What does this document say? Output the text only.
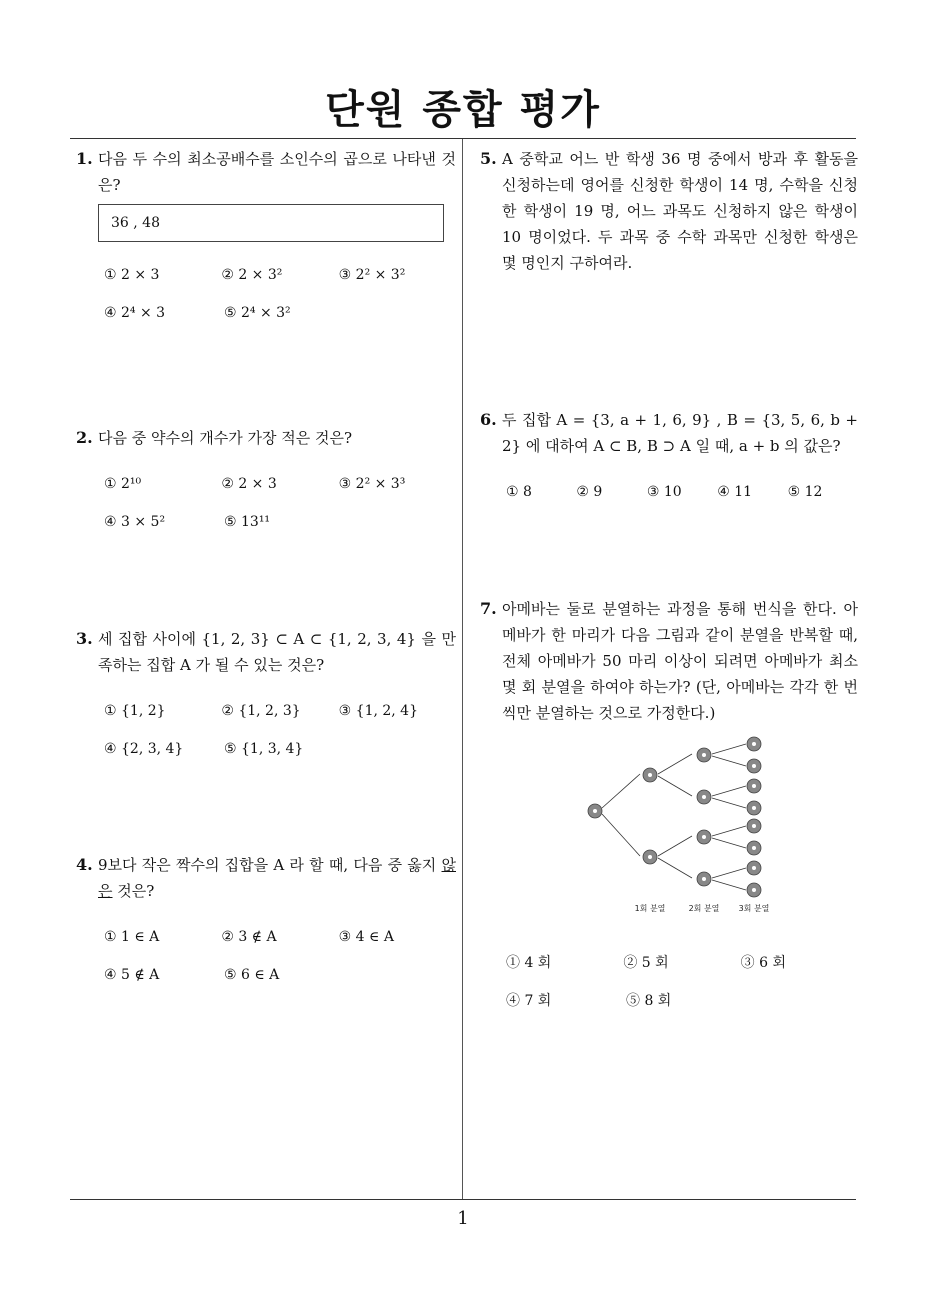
단원 종합 평가
1
1. 다음 두 수의 최소공배수를 소인수의 곱으로 나타낸 것은?
36 , 48
① 2 × 3	② 2 × 3²	③ 2² × 3²
④ 2⁴ × 3	⑤ 2⁴ × 3²
2. 다음 중 약수의 개수가 가장 적은 것은?
① 2¹⁰	② 2 × 3	③ 2² × 3³
④ 3 × 5²	⑤ 13¹¹
3. 세 집합 사이에 {1, 2, 3} ⊂ A ⊂ {1, 2, 3, 4} 을 만족하는 집합 A 가 될 수 있는 것은?
① {1, 2}	② {1, 2, 3}	③ {1, 2, 4}
④ {2, 3, 4}	⑤ {1, 3, 4}
4. 9보다 작은 짝수의 집합을 A 라 할 때, 다음 중 옳지 않은 것은?
① 1 ∈ A	② 3 ∉ A	③ 4 ∈ A
④ 5 ∉ A	⑤ 6 ∈ A
5. A 중학교 어느 반 학생 36 명 중에서 방과 후 활동을 신청하는데 영어를 신청한 학생이 14 명, 수학을 신청한 학생이 19 명, 어느 과목도 신청하지 않은 학생이 10 명이었다. 두 과목 중 수학 과목만 신청한 학생은 몇 명인지 구하여라.
6. 두 집합 A = {3, a + 1, 6, 9} , B = {3, 5, 6, b + 2} 에 대하여 A ⊂ B, B ⊃ A 일 때, a + b 의 값은?
① 8	② 9	③ 10	④ 11	⑤ 12
7. 아메바는 둘로 분열하는 과정을 통해 번식을 한다. 아메바가 한 마리가 다음 그림과 같이 분열을 반복할 때, 전체 아메바가 50 마리 이상이 되려면 아메바가 최소 몇 회 분열을 하여야 하는가? (단, 아메바는 각각 한 번씩만 분열하는 것으로 가정한다.)
1회 분열	2회 분열 3회 분열
① 4 회	② 5 회	③ 6 회
④ 7 회	⑤ 8 회
